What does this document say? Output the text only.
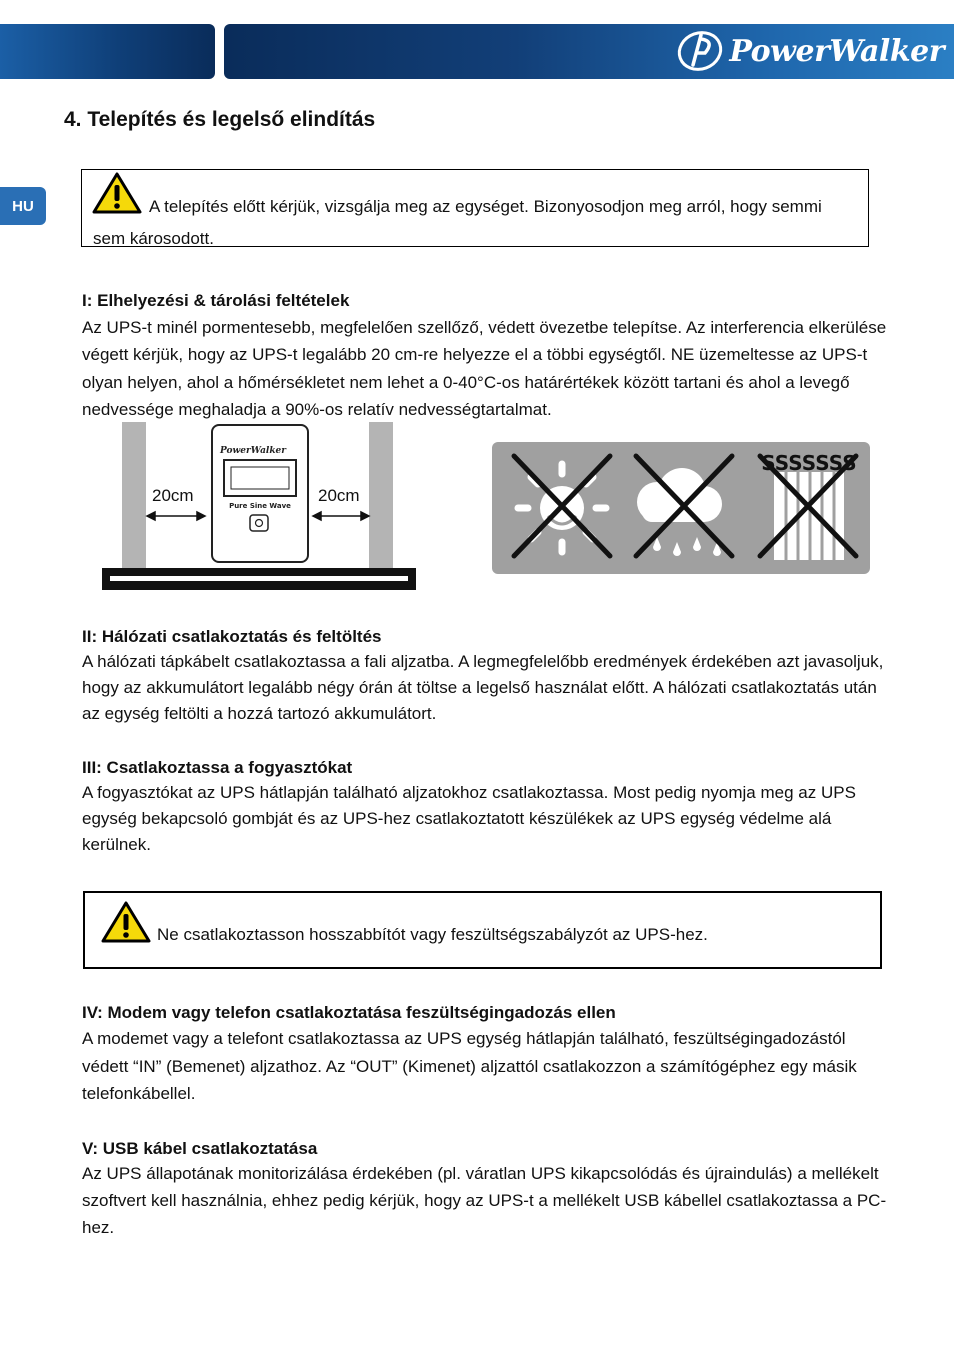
PowerWalker
4. Telepítés és legelső elindítás
HU	A telepítés előtt kérjük, vizsgálja meg az egységet. Bizonyosodjon meg arról, hogy semmi sem károsodott.
I: Elhelyezési & tárolási feltételek

Az UPS-t minél pormentesebb, megfelelően szellőző, védett övezetbe telepítse. Az interferencia elkerülése végett kérjük, hogy az UPS-t legalább 20 cm-re helyezze el a többi egységtől. NE üzemeltesse az UPS-t olyan helyen, ahol a hőmérsékletet nem lehet a 0-40°C-os határértékek között tartani és ahol a levegő nedvessége meghaladja a 90%-os relatív nedvességtartalmat.

PowerWalker
Pure Sine Wave
20cm	20cm
SSSSSSS
II: Hálózati csatlakoztatás és feltöltés

A hálózati tápkábelt csatlakoztassa a fali aljzatba. A legmegfelelőbb eredmények érdekében azt javasoljuk, hogy az akkumulátort legalább négy órán át töltse a legelső használat előtt. A hálózati csatlakoztatás után az egység feltölti a hozzá tartozó akkumulátort.

III: Csatlakoztassa a fogyasztókat

A fogyasztókat az UPS hátlapján található aljzatokhoz csatlakoztassa. Most pedig nyomja meg az UPS egység bekapcsoló gombját és az UPS-hez csatlakoztatott készülékek az UPS egység védelme alá kerülnek.

Ne csatlakoztasson hosszabbítót vagy feszültségszabályzót az UPS-hez.
IV: Modem vagy telefon csatlakoztatása feszültségingadozás ellen

A modemet vagy a telefont csatlakoztassa az UPS egység hátlapján található, feszültségingadozástól védett “IN” (Bemenet) aljzathoz. Az “OUT” (Kimenet) aljzattól csatlakozzon a számítógéphez egy másik telefonkábellel.

V: USB kábel csatlakoztatása

Az UPS állapotának monitorizálása érdekében (pl. váratlan UPS kikapcsolódás és újraindulás) a mellékelt szoftvert kell használnia, ehhez pedig kérjük, hogy az UPS-t a mellékelt USB kábellel csatlakoztassa a PC-hez.
